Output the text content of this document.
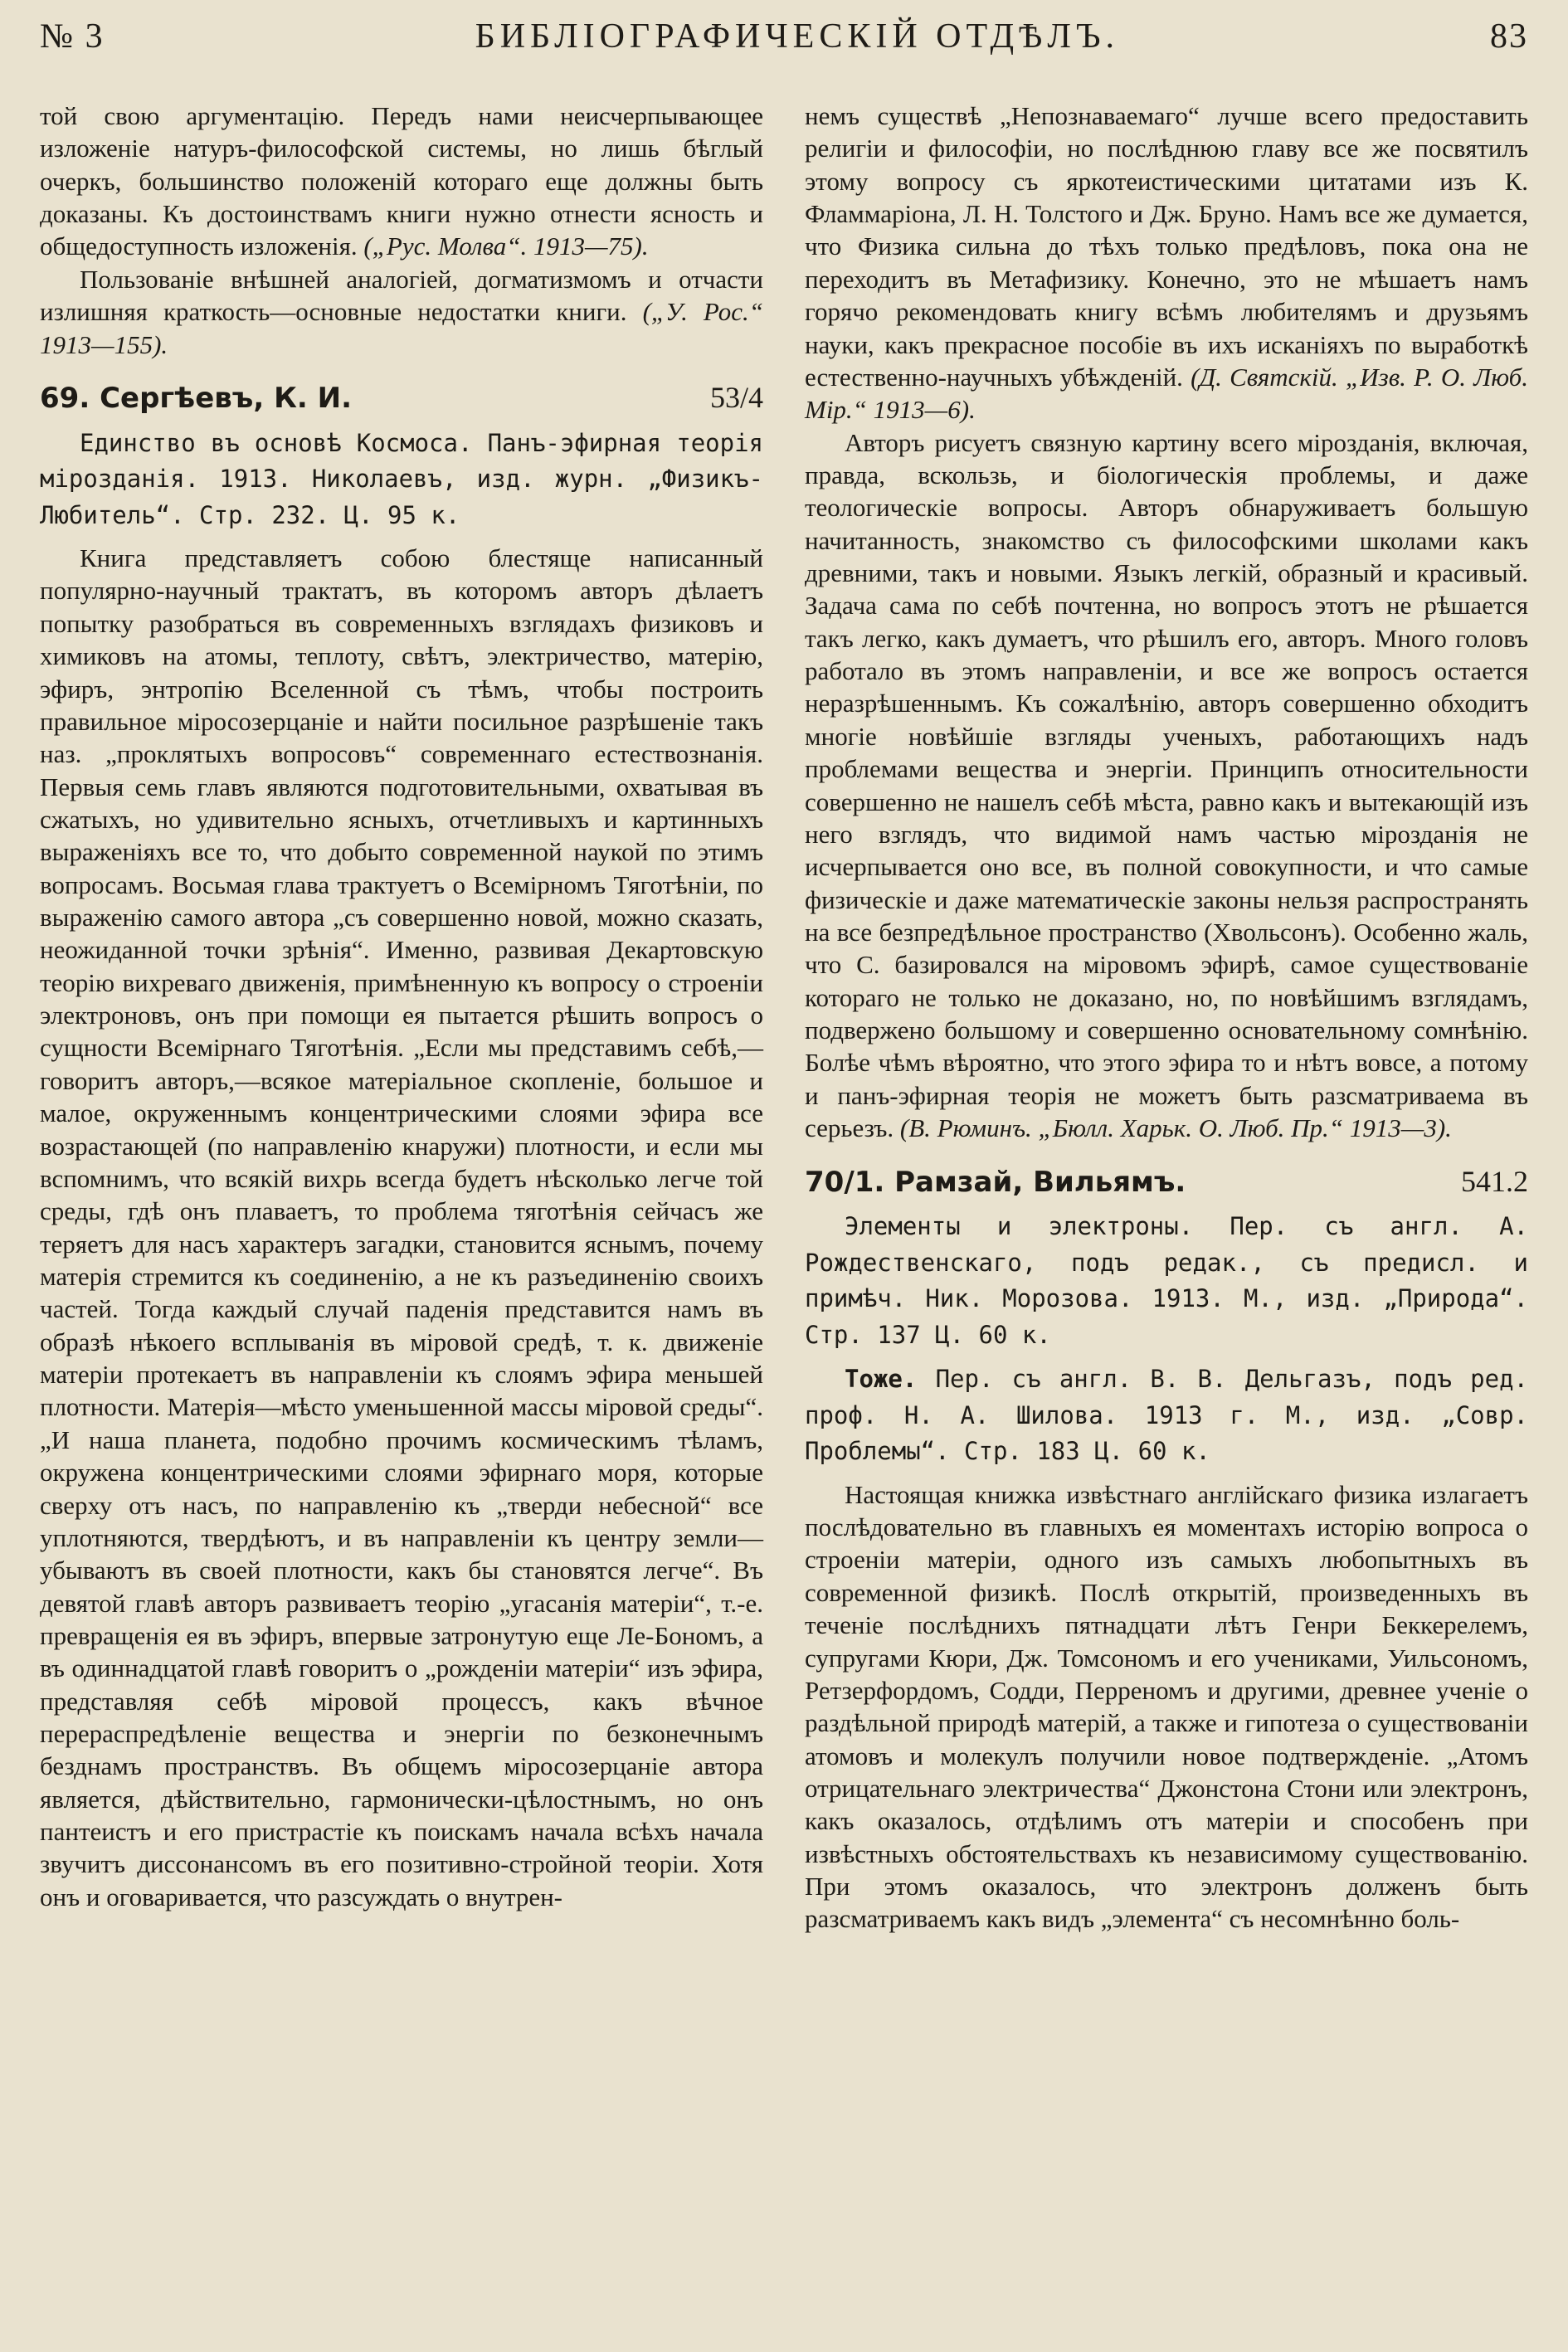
№ 3	БИБЛІОГРАФИЧЕСКІЙ ОТДѢЛЪ.	83

той свою аргументацію. Передъ нами неисчерпывающее изложеніе натуръ-философской системы, но лишь бѣглый очеркъ, большинство положеній котораго еще должны быть доказаны. Къ достоинствамъ книги нужно отнести ясность и общедоступность изложенія. („Рус. Молва“. 1913—75).

Пользованіе внѣшней аналогіей, догматизмомъ и отчасти излишняя краткость—основные недостатки книги. („У. Рос.“ 1913—155).

69. Сергѣевъ, К. И.	53/4

Единство въ основѣ Космоса. Панъ-эфирная теорія мірозданія. 1913. Николаевъ, изд. журн. „Физикъ-Любитель“. Стр. 232. Ц. 95 к.

Книга представляетъ собою блестяще написанный популярно-научный трактатъ, въ которомъ авторъ дѣлаетъ попытку разобраться въ современныхъ взглядахъ физиковъ и химиковъ на атомы, теплоту, свѣтъ, электричество, матерію, эфиръ, энтропію Вселенной съ тѣмъ, чтобы построить правильное міросозерцаніе и найти посильное разрѣшеніе такъ наз. „проклятыхъ вопросовъ“ современнаго естествознанія. Первыя семь главъ являются подготовительными, охватывая въ сжатыхъ, но удивительно ясныхъ, отчетливыхъ и картинныхъ выраженіяхъ все то, что добыто современной наукой по этимъ вопросамъ. Восьмая глава трактуетъ о Всемірномъ Тяготѣніи, по выраженію самого автора „съ совершенно новой, можно сказать, неожиданной точки зрѣнія“. Именно, развивая Декартовскую теорію вихреваго движенія, примѣненную къ вопросу о строеніи электроновъ, онъ при помощи ея пытается рѣшить вопросъ о сущности Всемірнаго Тяготѣнія. „Если мы представимъ себѣ,—говоритъ авторъ,—всякое матеріальное скопленіе, большое и малое, окруженнымъ концентрическими слоями эфира все возрастающей (по направленію кнаружи) плотности, и если мы вспомнимъ, что всякій вихрь всегда будетъ нѣсколько легче той среды, гдѣ онъ плаваетъ, то проблема тяготѣнія сейчасъ же теряетъ для насъ характеръ загадки, становится яснымъ, почему матерія стремится къ соединенію, а не къ разъединенію своихъ частей. Тогда каждый случай паденія представится намъ въ образѣ нѣкоего всплыванія въ міровой средѣ, т. к. движеніе матеріи протекаетъ въ направленіи къ слоямъ эфира меньшей плотности. Матерія—мѣсто уменьшенной массы міровой среды“. „И наша планета, подобно прочимъ космическимъ тѣламъ, окружена концентрическими слоями эфирнаго моря, которые сверху отъ насъ, по направленію къ „тверди небесной“ все уплотняются, твердѣютъ, и въ направленіи къ центру земли—убываютъ въ своей плотности, какъ бы становятся легче“. Въ девятой главѣ авторъ развиваетъ теорію „угасанія матеріи“, т.-е. превращенія ея въ эфиръ, впервые затронутую еще Ле-Бономъ, а въ одиннадцатой главѣ говоритъ о „рожденіи матеріи“ изъ эфира, представляя себѣ міровой процессъ, какъ вѣчное перераспредѣленіе вещества и энергіи по безконечнымъ безднамъ пространствъ. Въ общемъ міросозерцаніе автора является, дѣйствительно, гармонически-цѣлостнымъ, но онъ пантеистъ и его пристрастіе къ поискамъ начала всѣхъ начала звучитъ диссонансомъ въ его позитивно-стройной теоріи. Хотя онъ и оговаривается, что разсуждать о внутрен-

немъ существѣ „Непознаваемаго“ лучше всего предоставить религіи и философіи, но послѣднюю главу все же посвятилъ этому вопросу съ яркотеистическими цитатами изъ К. Фламмаріона, Л. Н. Толстого и Дж. Бруно. Намъ все же думается, что Физика сильна до тѣхъ только предѣловъ, пока она не переходитъ въ Метафизику. Конечно, это не мѣшаетъ намъ горячо рекомендовать книгу всѣмъ любителямъ и друзьямъ науки, какъ прекрасное пособіе въ ихъ исканіяхъ по выработкѣ естественно-научныхъ убѣжденій. (Д. Святскій. „Изв. Р. О. Люб. Мір.“ 1913—6).

Авторъ рисуетъ связную картину всего мірозданія, включая, правда, вскользь, и біологическія проблемы, и даже теологическіе вопросы. Авторъ обнаруживаетъ большую начитанность, знакомство съ философскими школами какъ древними, такъ и новыми. Языкъ легкій, образный и красивый. Задача сама по себѣ почтенна, но вопросъ этотъ не рѣшается такъ легко, какъ думаетъ, что рѣшилъ его, авторъ. Много головъ работало въ этомъ направленіи, и все же вопросъ остается неразрѣшеннымъ. Къ сожалѣнію, авторъ совершенно обходитъ многіе новѣйшіе взгляды ученыхъ, работающихъ надъ проблемами вещества и энергіи. Принципъ относительности совершенно не нашелъ себѣ мѣста, равно какъ и вытекающій изъ него взглядъ, что видимой намъ частью мірозданія не исчерпывается оно все, въ полной совокупности, и что самые физическіе и даже математическіе законы нельзя распространять на все безпредѣльное пространство (Хвольсонъ). Особенно жаль, что С. базировался на міровомъ эфирѣ, самое существованіе котораго не только не доказано, но, по новѣйшимъ взглядамъ, подвержено большому и совершенно основательному сомнѣнію. Болѣе чѣмъ вѣроятно, что этого эфира то и нѣтъ вовсе, а потому и панъ-эфирная теорія не можетъ быть разсматриваема въ серьезъ. (В. Рюминъ. „Бюлл. Харьк. О. Люб. Пр.“ 1913—3).

70/1. Рамзай, Вильямъ.	541.2

Элементы и электроны. Пер. съ англ. А. Рождественскаго, подъ редак., съ предисл. и примѣч. Ник. Морозова. 1913. М., изд. „Природа“. Стр. 137 Ц. 60 к.

Тоже. Пер. съ англ. В. В. Дельгазъ, подъ ред. проф. Н. А. Шилова. 1913 г. М., изд. „Совр. Проблемы“. Стр. 183 Ц. 60 к.

Настоящая книжка извѣстнаго англійскаго физика излагаетъ послѣдовательно въ главныхъ ея моментахъ исторію вопроса о строеніи матеріи, одного изъ самыхъ любопытныхъ въ современной физикѣ. Послѣ открытій, произведенныхъ въ теченіе послѣднихъ пятнадцати лѣтъ Генри Беккерелемъ, супругами Кюри, Дж. Томсономъ и его учениками, Уильсономъ, Ретзерфордомъ, Содди, Перреномъ и другими, древнее ученіе о раздѣльной природѣ матерій, а также и гипотеза о существованіи атомовъ и молекулъ получили новое подтвержденіе. „Атомъ отрицательнаго электричества“ Джонстона Стони или электронъ, какъ оказалось, отдѣлимъ отъ матеріи и способенъ при извѣстныхъ обстоятельствахъ къ независимому существованію. При этомъ оказалось, что электронъ долженъ быть разсматриваемъ какъ видъ „элемента“ съ несомнѣнно боль-
